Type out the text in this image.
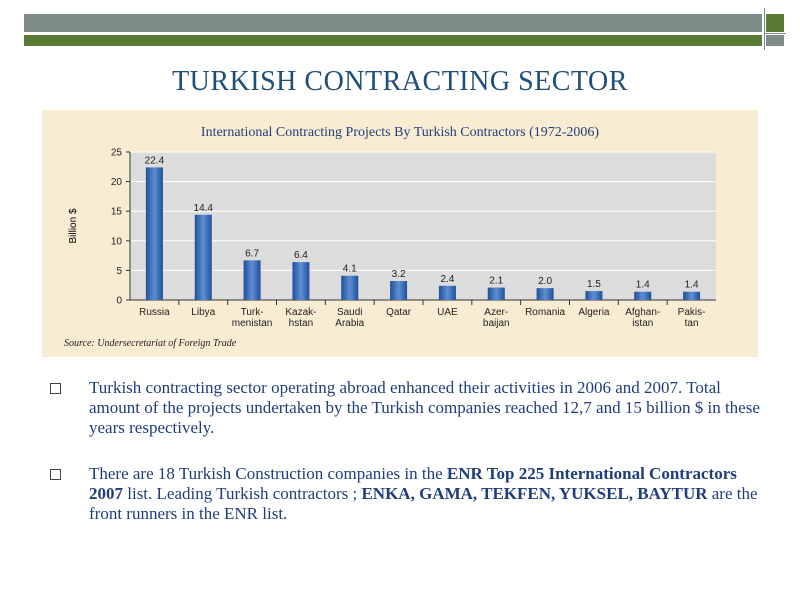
TURKISH CONTRACTING SECTOR
International Contracting Projects By Turkish Contractors (1972-2006)
0
5
10
15
20
25
22.4
Russia
14.4
Libya
6.7
Turk-
menistan
6.4
Kazak-
hstan
4.1
Saudi
Arabia
3.2
Qatar
2.4
UAE
2.1
Azer-
baijan
2.0
Romania
1.5
Algeria
1.4
Afghan-
istan
1.4
Pakis-
tan
Billion $
Source: Undersecretariat of Foreign Trade
Turkish contracting sector operating abroad enhanced their activities in 2006 and 2007. Total amount of the projects undertaken by the Turkish companies reached 12,7 and 15 billion $ in these years respectively.
There are 18 Turkish Construction companies in the ENR Top 225 International Contractors 2007 list. Leading Turkish contractors ; ENKA, GAMA, TEKFEN, YUKSEL, BAYTUR are the front runners in the ENR list.
